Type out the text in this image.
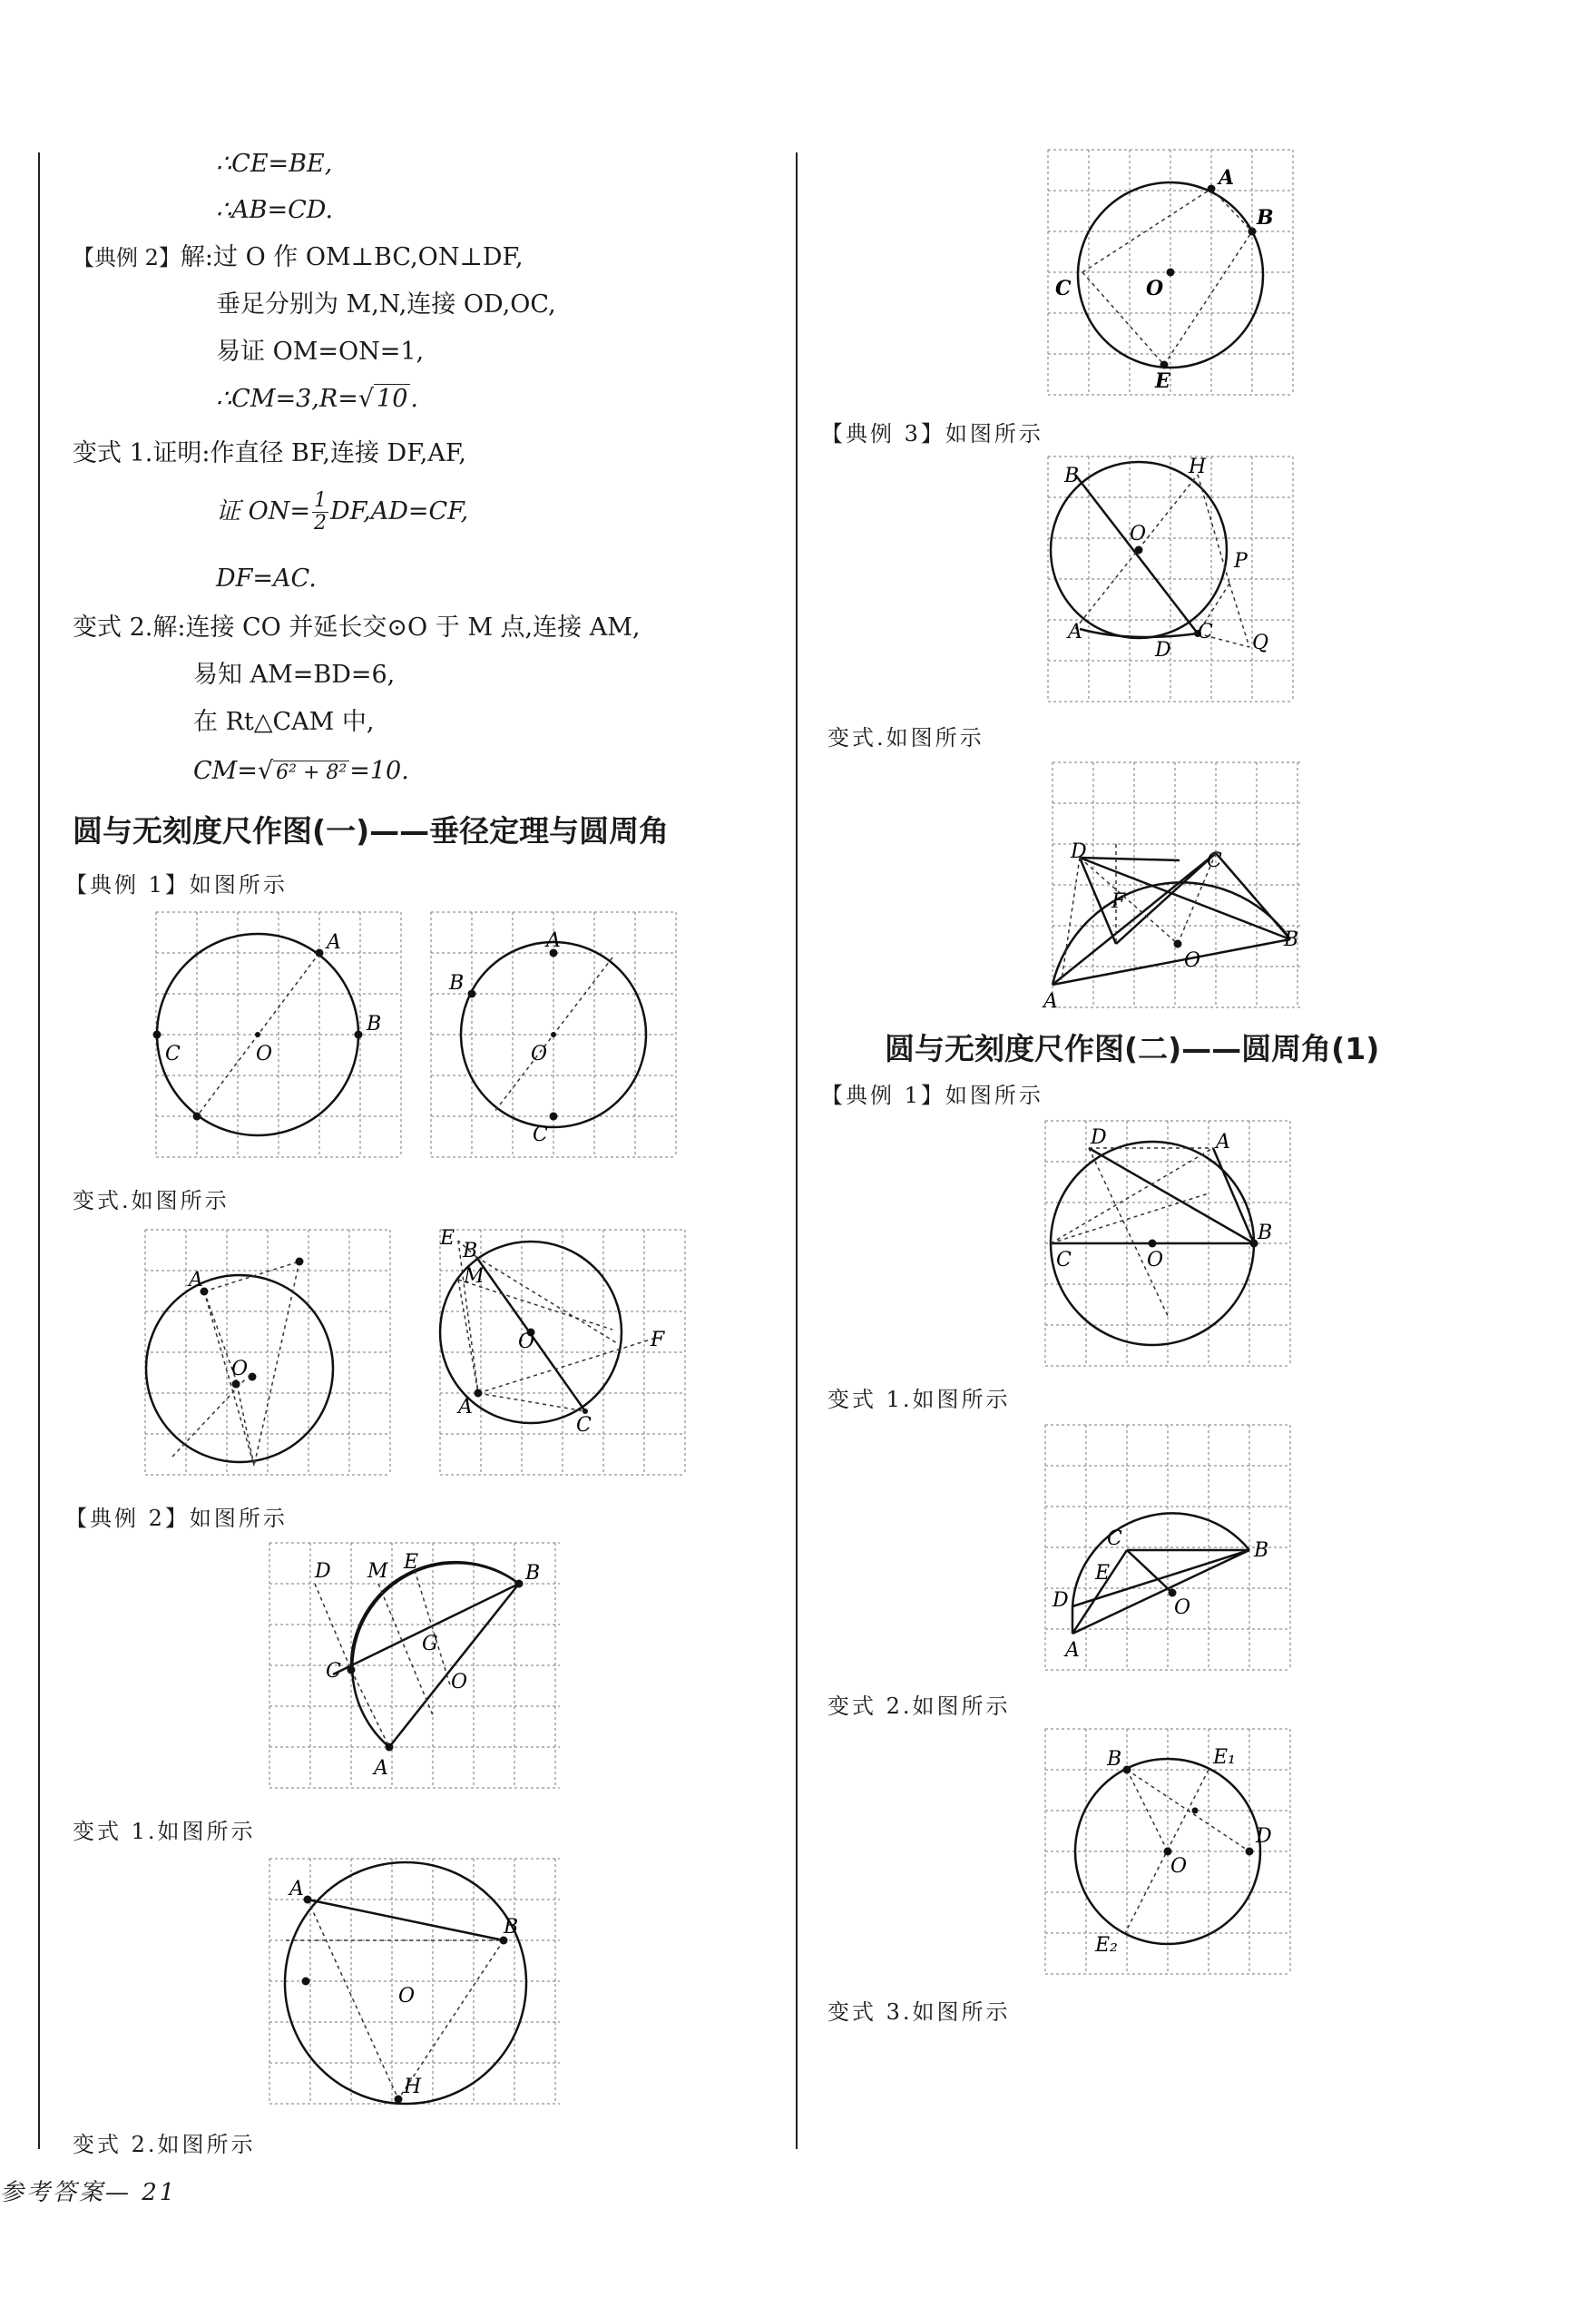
∴CE=BE,
∴AB=CD.
【典例 2】解:过 O 作 OM⊥BC,ON⊥DF,
垂足分别为 M,N,连接 OD,OC,
易证 OM=ON=1,
∴CM=3,R=√ 10 .
变式 1.证明:作直径 BF,连接 DF,AF,
证 $ON= \frac{1}{2} DF,AD=CF$,
DF=AC.
变式 2.解:连接 CO 并延长交⊙O 于 M 点,连接 AM,
易知 AM=BD=6,
在 Rt△CAM 中,
CM=√ 6² + 8² =10.
圆与无刻度尺作图(一)——垂径定理与圆周角
【典例 1】如图所示
变式.如图所示
【典例 2】如图所示
变式 1.如图所示
变式 2.如图所示
参考答案— 21
【典例 3】如图所示
变式.如图所示
圆与无刻度尺作图(二)——圆周角(1)
【典例 1】如图所示
变式 1.如图所示
变式 2.如图所示
变式 3.如图所示
A
B
C	O
A
B
C
O
A
O
E
B
M
O	F
A
C
D M E	B
C
G
O
A
A
B
O
H
A
B
C	O
E
B	H
O
P
A
D
C Q
D	C
F
B
A
O
D	A
B
C	O
C
B
E
D	O
A
B	E₁
D
O
E₂
